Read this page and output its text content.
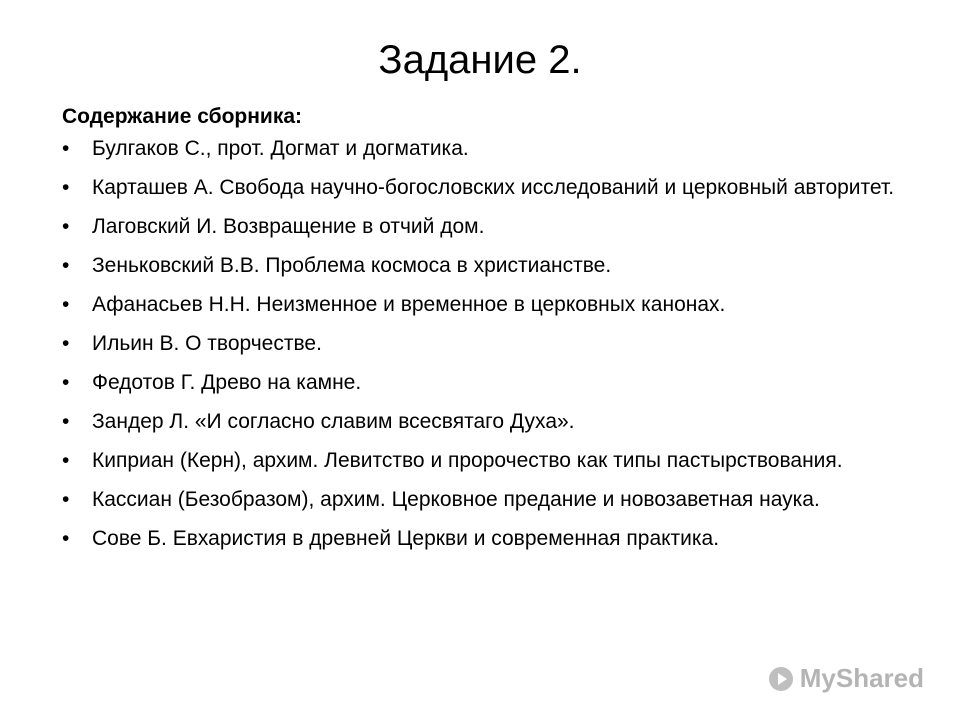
Задание 2.
Содержание сборника:
• Булгаков С., прот. Догмат и догматика.
• Карташев А. Свобода научно-богословских исследований и церковный авторитет.
• Лаговский И. Возвращение в отчий дом.
• Зеньковский В.В. Проблема космоса в христианстве.
• Афанасьев Н.Н. Неизменное и временное в церковных канонах.
• Ильин В. О творчестве.
• Федотов Г. Древо на камне.
• Зандер Л. «И согласно славим всесвятаго Духа».
• Киприан (Керн), архим. Левитство и пророчество как типы пастырствования.
• Кассиан (Безобразом), архим. Церковное предание и новозаветная наука.
• Сове Б. Евхаристия в древней Церкви и современная практика.
MyShared
